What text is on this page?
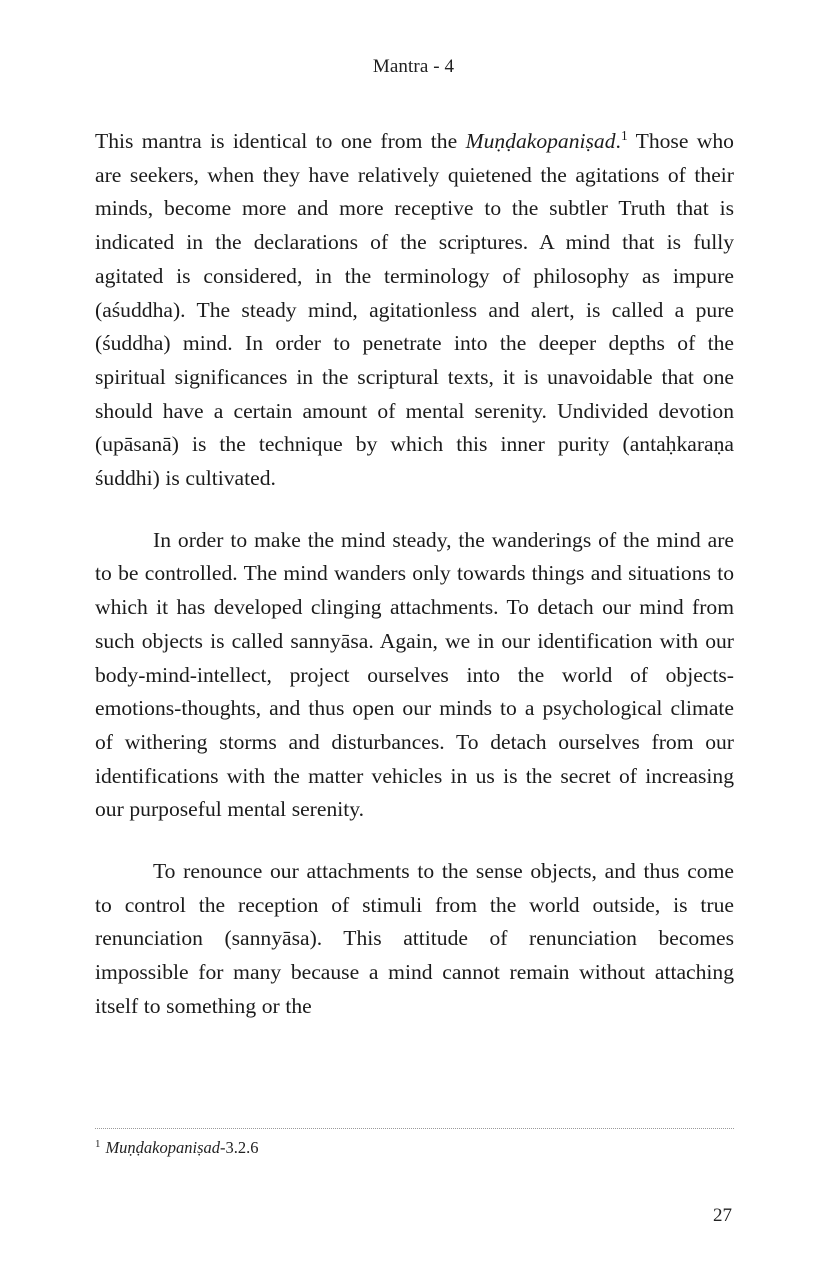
Mantra - 4

This mantra is identical to one from the Muṇḍakopaniṣad.$^1$ Those who are seekers, when they have relatively quietened the agitations of their minds, become more and more receptive to the subtler Truth that is indicated in the declarations of the scriptures. A mind that is fully agitated is considered, in the terminology of philosophy as impure (aśuddha). The steady mind, agitationless and alert, is called a pure (śuddha) mind. In order to penetrate into the deeper depths of the spiritual significances in the scriptural texts, it is unavoidable that one should have a certain amount of mental serenity. Undivided devotion (upāsanā) is the technique by which this inner purity (antaḥkaraṇa śuddhi) is cultivated.

In order to make the mind steady, the wanderings of the mind are to be controlled. The mind wanders only towards things and situations to which it has developed clinging attachments. To detach our mind from such objects is called sannyāsa. Again, we in our identification with our body-mind-intellect, project ourselves into the world of objects-emotions-thoughts, and thus open our minds to a psychological climate of withering storms and disturbances. To detach ourselves from our identifications with the matter vehicles in us is the secret of increasing our purposeful mental serenity.

To renounce our attachments to the sense objects, and thus come to control the reception of stimuli from the world outside, is true renunciation (sannyāsa). This attitude of renunciation becomes impossible for many because a mind cannot remain without attaching itself to something or the

$^1$ Muṇḍakopaniṣad-3.2.6
27
